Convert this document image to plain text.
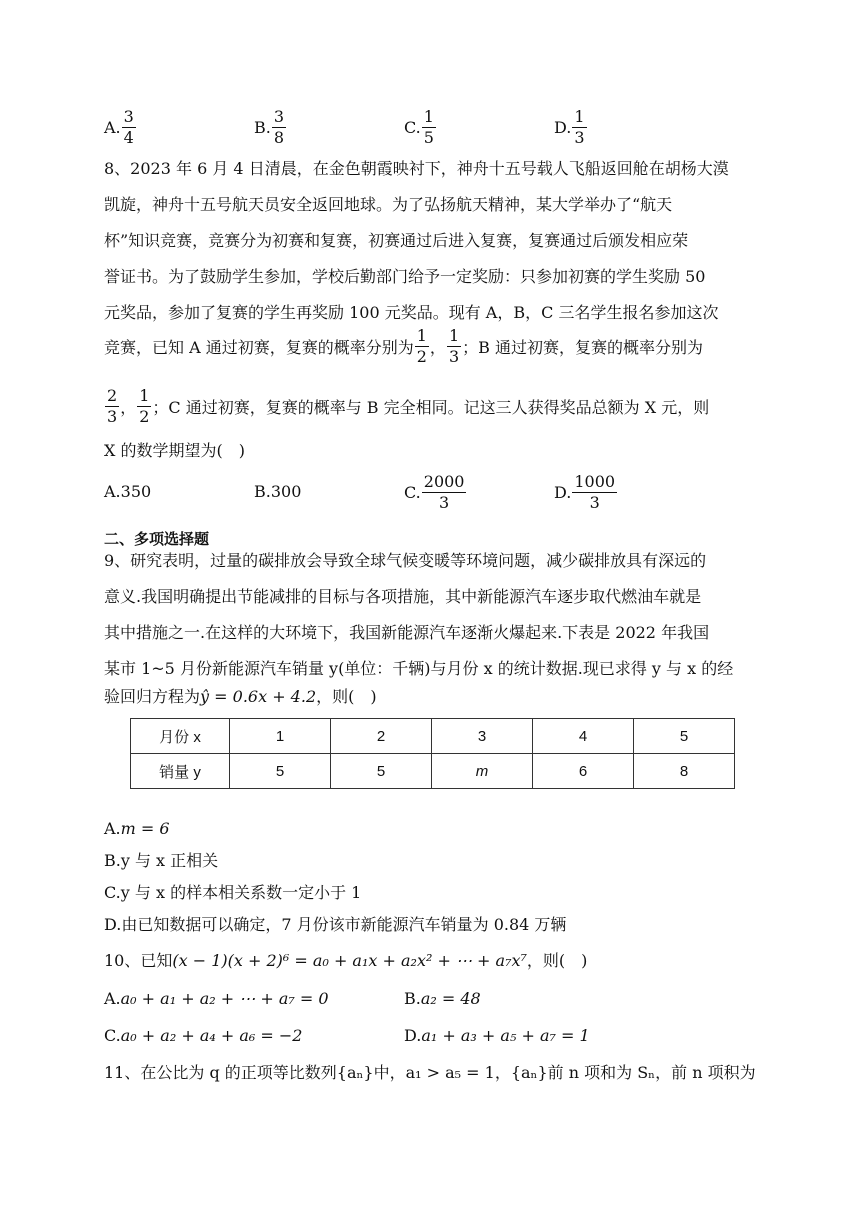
A. $\frac{3}{4}$	B. $\frac{3}{8}$	C. $\frac{1}{5}$	D. $\frac{1}{3}$
8、2023 年 6 月 4 日清晨，在金色朝霞映衬下，神舟十五号载人飞船返回舱在胡杨大漠
凯旋，神舟十五号航天员安全返回地球。为了弘扬航天精神，某大学举办了“航天
杯”知识竞赛，竞赛分为初赛和复赛，初赛通过后进入复赛，复赛通过后颁发相应荣
誉证书。为了鼓励学生参加，学校后勤部门给予一定奖励：只参加初赛的学生奖励 50
元奖品，参加了复赛的学生再奖励 100 元奖品。现有 A，B，C 三名学生报名参加这次
竞赛，已知 A 通过初赛，复赛的概率分别为 $\frac{1}{2}$ ， $\frac{1}{3}$ ；B 通过初赛，复赛的概率分别为
$\frac{2}{3}$ ， $\frac{1}{2}$ ；C 通过初赛，复赛的概率与 B 完全相同。记这三人获得奖品总额为 X 元，则
X 的数学期望为(　)
A. 350	B. 300	C. $\frac{2000}{3}$	D. $\frac{1000}{3}$
二、多项选择题
9、研究表明，过量的碳排放会导致全球气候变暖等环境问题，减少碳排放具有深远的
意义.我国明确提出节能减排的目标与各项措施，其中新能源汽车逐步取代燃油车就是
其中措施之一.在这样的大环境下，我国新能源汽车逐渐火爆起来.下表是 2022 年我国
某市 1~5 月份新能源汽车销量 y(单位：千辆)与月份 x 的统计数据.现已求得 y 与 x 的经
验回归方程为ŷ = 0.6x + 4.2，则(　)
月份 x	1	2	3	4	5
销量 y	5	5	m	6	8
A.m = 6
B.y 与 x 正相关
C.y 与 x 的样本相关系数一定小于 1
D.由已知数据可以确定，7 月份该市新能源汽车销量为 0.84 万辆
10、已知(x − 1)(x + 2)⁶ = a₀ + a₁x + a₂x² + ⋯ + a₇x⁷，则(　)
A.a₀ + a₁ + a₂ + ⋯ + a₇ = 0	B.a₂ = 48
C.a₀ + a₂ + a₄ + a₆ = −2	D.a₁ + a₃ + a₅ + a₇ = 1
11、在公比为 q 的正项等比数列{aₙ}中，a₁ > a₅ = 1，{aₙ}前 n 项和为 Sₙ，前 n 项积为
